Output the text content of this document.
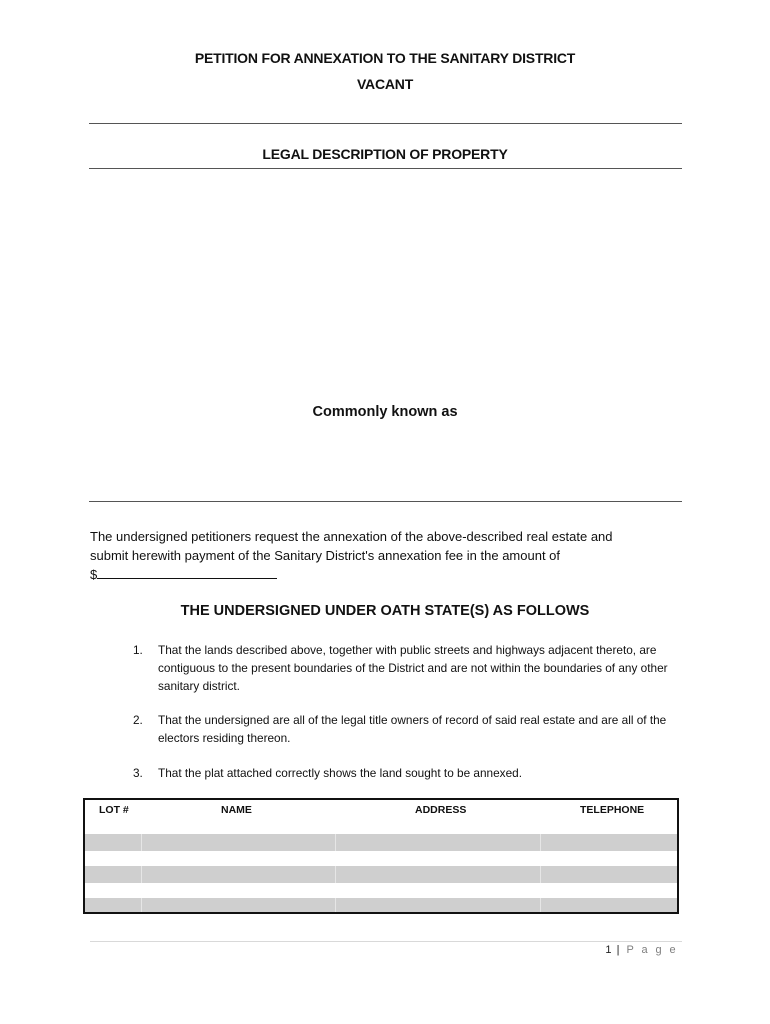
PETITION FOR ANNEXATION TO THE SANITARY DISTRICT
VACANT
LEGAL DESCRIPTION OF PROPERTY
Commonly known as
The undersigned petitioners request the annexation of the above-described real estate and
submit herewith payment of the Sanitary District's annexation fee in the amount of
$
THE UNDERSIGNED UNDER OATH STATE(S) AS FOLLOWS
1. That the lands described above, together with public streets and highways adjacent thereto, are contiguous to the present boundaries of the District and are not within the boundaries of any other sanitary district.
2. That the undersigned are all of the legal title owners of record of said real estate and are all of the electors residing thereon.
3. That the plat attached correctly shows the land sought to be annexed.
LOT #	NAME	ADDRESS	TELEPHONE
1 | P a g e
